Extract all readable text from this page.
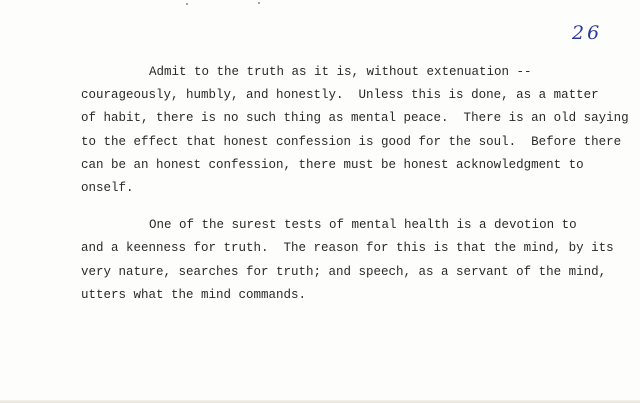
26
Admit to the truth as it is, without extenuation --
courageously, humbly, and honestly.  Unless this is done, as a matter
of habit, there is no such thing as mental peace.  There is an old saying
to the effect that honest confession is good for the soul.  Before there
can be an honest confession, there must be honest acknowledgment to
onself.
One of the surest tests of mental health is a devotion to
and a keenness for truth.  The reason for this is that the mind, by its
very nature, searches for truth; and speech, as a servant of the mind,
utters what the mind commands.
